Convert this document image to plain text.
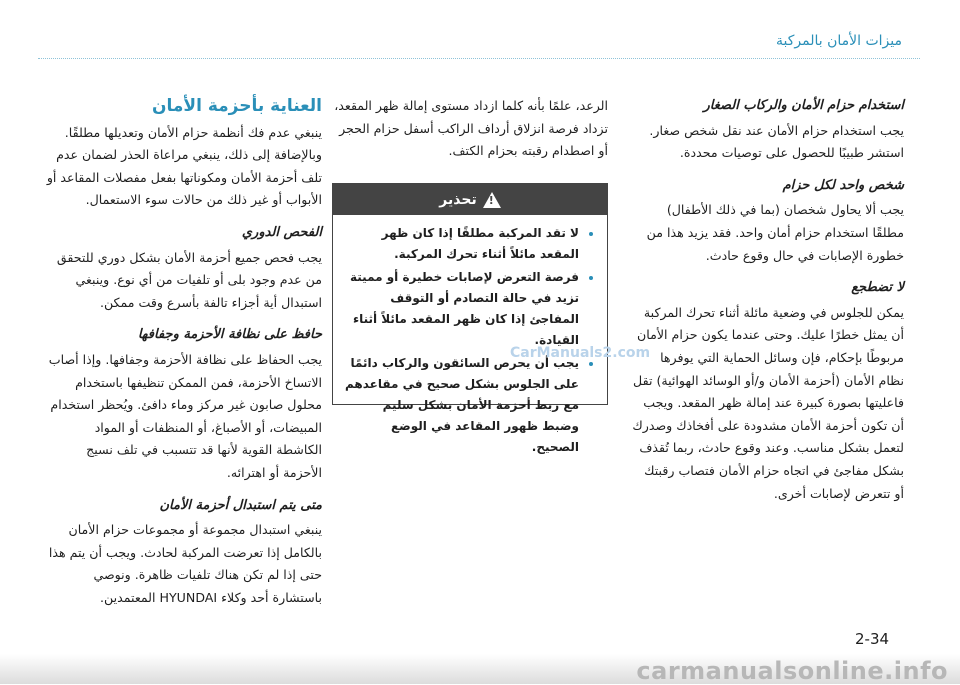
ميزات الأمان بالمركبة
استخدام حزام الأمان والركاب الصغار

يجب استخدام حزام الأمان عند نقل شخص صغار. استشر طبيبًا للحصول على توصيات محددة.

شخص واحد لكل حزام

يجب ألا يحاول شخصان (بما في ذلك الأطفال) مطلقًا استخدام حزام أمان واحد. فقد يزيد هذا من خطورة الإصابات في حال وقوع حادث.

لا تضطجع

يمكن للجلوس في وضعية مائلة أثناء تحرك المركبة أن يمثل خطرًا عليك. وحتى عندما يكون حزام الأمان مربوطًا بإحكام، فإن وسائل الحماية التي يوفرها نظام الأمان (أحزمة الأمان و/أو الوسائد الهوائية) تقل فاعليتها بصورة كبيرة عند إمالة ظهر المقعد. ويجب أن تكون أحزمة الأمان مشدودة على أفخاذك وصدرك لتعمل بشكل مناسب. وعند وقوع حادث، ربما تُقذف بشكل مفاجئ في اتجاه حزام الأمان فتصاب رقبتك أو تتعرض لإصابات أخرى.

الرعد، علمًا بأنه كلما ازداد مستوى إمالة ظهر المقعد، تزداد فرصة انزلاق أرداف الراكب أسفل حزام الحجر أو اصطدام رقبته بحزام الكتف.

!
تحذير
• لا تقد المركبة مطلقًا إذا كان ظهر المقعد مائلاً أثناء تحرك المركبة.
• فرصة التعرض لإصابات خطيرة أو مميتة تزيد في حالة التصادم أو التوقف المفاجئ إذا كان ظهر المقعد مائلاً أثناء القيادة.
• يجب أن يحرص السائقون والركاب دائمًا على الجلوس بشكل صحيح في مقاعدهم مع ربط أحزمة الأمان بشكل سليم وضبط ظهور المقاعد في الوضع الصحيح.
CarManuals2.com
العناية بأحزمة الأمان

ينبغي عدم فك أنظمة حزام الأمان وتعديلها مطلقًا. وبالإضافة إلى ذلك، ينبغي مراعاة الحذر لضمان عدم تلف أحزمة الأمان ومكوناتها بفعل مفصلات المقاعد أو الأبواب أو غير ذلك من حالات سوء الاستعمال.

الفحص الدوري

يجب فحص جميع أحزمة الأمان بشكل دوري للتحقق من عدم وجود بلى أو تلفيات من أي نوع. وينبغي استبدال أية أجزاء تالفة بأسرع وقت ممكن.

حافظ على نظافة الأحزمة وجفافها

يجب الحفاظ على نظافة الأحزمة وجفافها. وإذا أصاب الاتساخ الأحزمة، فمن الممكن تنظيفها باستخدام محلول صابون غير مركز وماء دافئ. ويُحظر استخدام المبيضات، أو الأصباغ، أو المنظفات أو المواد الكاشطة القوية لأنها قد تتسبب في تلف نسيج الأحزمة أو اهترائه.

متى يتم استبدال أحزمة الأمان

ينبغي استبدال مجموعة أو مجموعات حزام الأمان بالكامل إذا تعرضت المركبة لحادث. ويجب أن يتم هذا حتى إذا لم تكن هناك تلفيات ظاهرة. ونوصي باستشارة أحد وكلاء HYUNDAI المعتمدين.

2-34
carmanualsonline.info
